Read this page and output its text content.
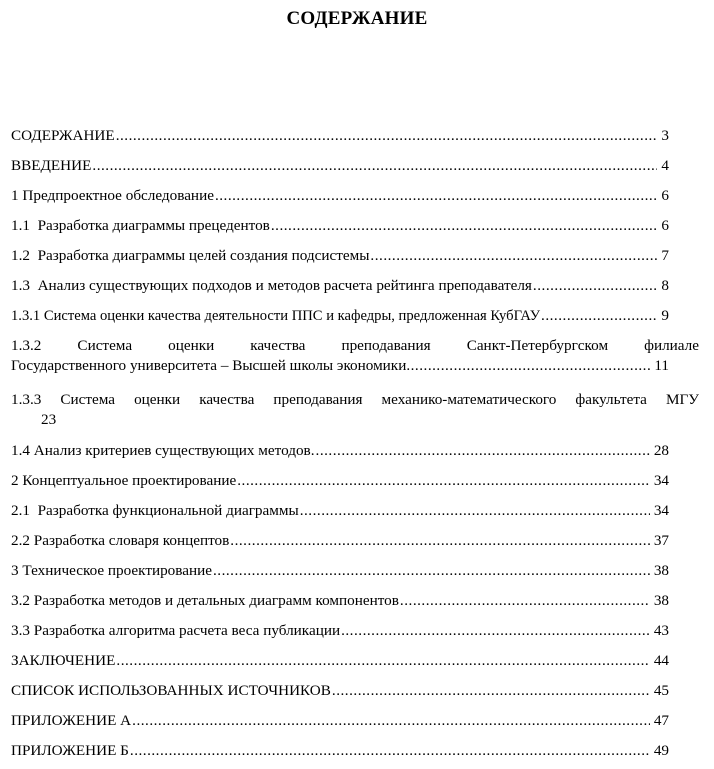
СОДЕРЖАНИЕ
СОДЕРЖАНИЕ .....	3
ВВЕДЕНИЕ .....	4
1 Предпроектное обследование .....	6
1.1  Разработка диаграммы прецедентов .....	6
1.2  Разработка диаграммы целей создания подсистемы .....	7
1.3  Анализ существующих подходов и методов расчета рейтинга преподавателя .....	8
1.3.1 Система оценки качества деятельности ППС и кафедры, предложенная КубГАУ .....	9
1.3.2 Система оценки качества преподавания Санкт-Петербургском филиале
Государственного университета – Высшей школы экономики .....	11
1.3.3 Система оценки качества преподавания механико-математического факультета МГУ
23
1.4 Анализ критериев существующих методов. .....	28
2 Концептуальное проектирование .....	34
2.1  Разработка функциональной диаграммы .....	34
2.2 Разработка словаря концептов .....	37
3 Техническое проектирование .....	38
3.2 Разработка методов и детальных диаграмм компонентов .....	38
3.3 Разработка алгоритма расчета веса публикации .....	43
ЗАКЛЮЧЕНИЕ .....	44
СПИСОК ИСПОЛЬЗОВАННЫХ ИСТОЧНИКОВ .....	45
ПРИЛОЖЕНИЕ А .....	47
ПРИЛОЖЕНИЕ Б .....	49
